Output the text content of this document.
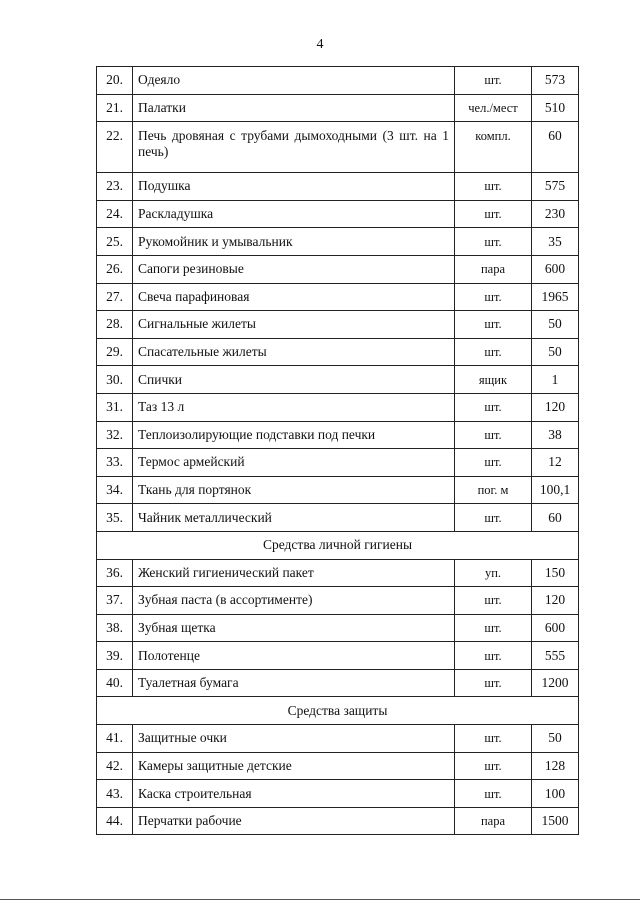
4
20.	Одеяло	шт.	573
21.	Палатки	чел./мест	510
22.	Печь дровяная с трубами дымоходными (3 шт. на 1 печь)	компл.	60
23.	Подушка	шт.	575
24.	Раскладушка	шт.	230
25.	Рукомойник и умывальник	шт.	35
26.	Сапоги резиновые	пара	600
27.	Свеча парафиновая	шт.	1965
28.	Сигнальные жилеты	шт.	50
29.	Спасательные жилеты	шт.	50
30.	Спички	ящик	1
31.	Таз 13 л	шт.	120
32.	Теплоизолирующие подставки под печки	шт.	38
33.	Термос армейский	шт.	12
34.	Ткань для портянок	пог. м	100,1
35.	Чайник металлический	шт.	60
Средства личной гигиены			
36.	Женский гигиенический пакет	уп.	150
37.	Зубная паста (в ассортименте)	шт.	120
38.	Зубная щетка	шт.	600
39.	Полотенце	шт.	555
40.	Туалетная бумага	шт.	1200
Средства защиты			
41.	Защитные очки	шт.	50
42.	Камеры защитные детские	шт.	128
43.	Каска строительная	шт.	100
44.	Перчатки рабочие	пара	1500
